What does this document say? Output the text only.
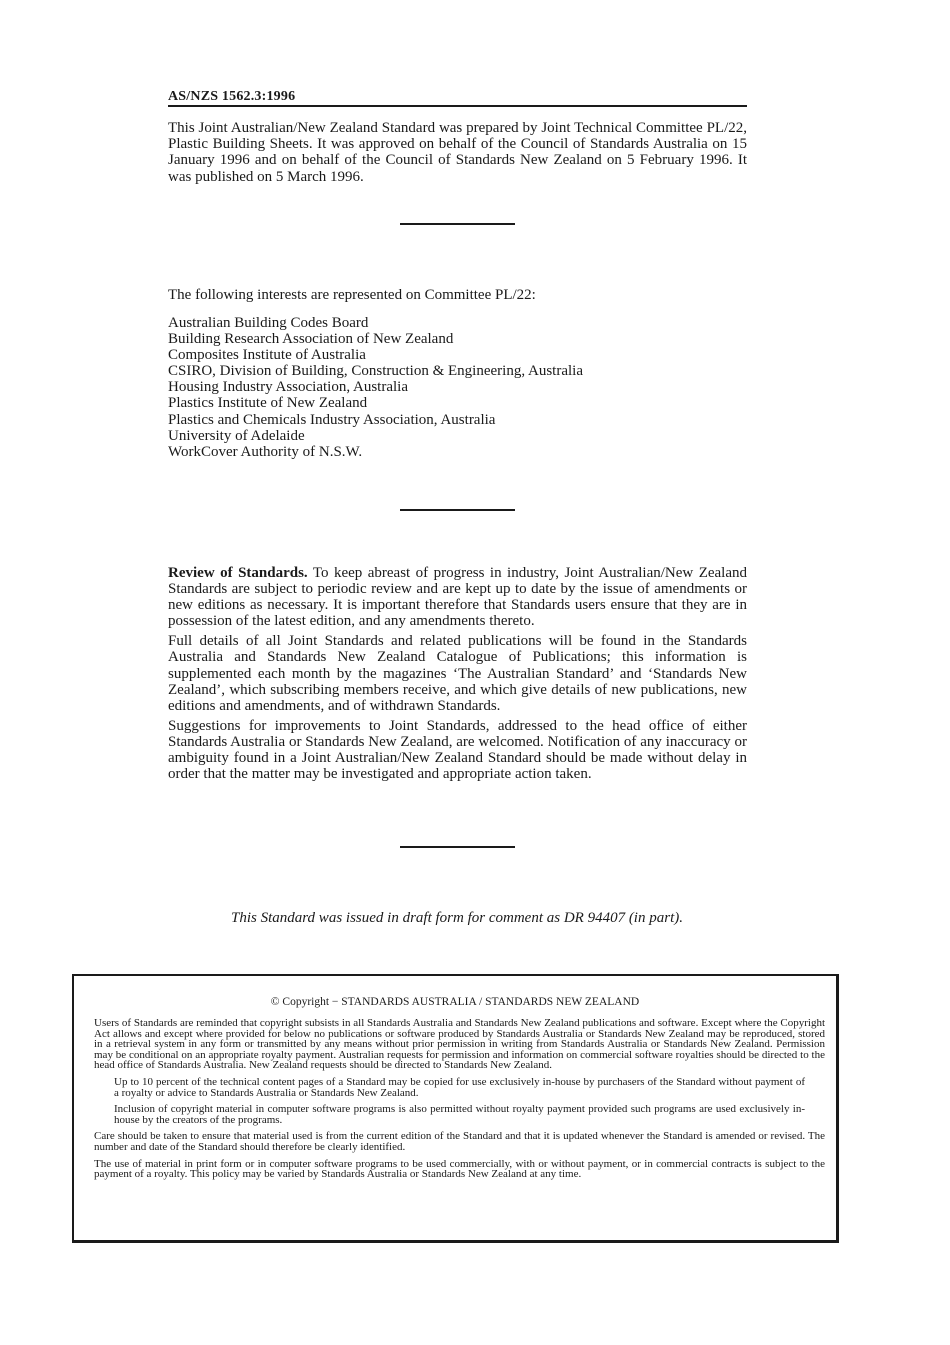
AS/NZS 1562.3:1996
This Joint Australian/New Zealand Standard was prepared by Joint Technical Committee PL/22, Plastic Building Sheets. It was approved on behalf of the Council of Standards Australia on 15 January 1996 and on behalf of the Council of Standards New Zealand on 5 February 1996. It was published on 5 March 1996.
The following interests are represented on Committee PL/22:
Australian Building Codes Board
Building Research Association of New Zealand
Composites Institute of Australia
CSIRO, Division of Building, Construction & Engineering, Australia
Housing Industry Association, Australia
Plastics Institute of New Zealand
Plastics and Chemicals Industry Association, Australia
University of Adelaide
WorkCover Authority of N.S.W.

Review of Standards. To keep abreast of progress in industry, Joint Australian/New Zealand Standards are subject to periodic review and are kept up to date by the issue of amendments or new editions as necessary. It is important therefore that Standards users ensure that they are in possession of the latest edition, and any amendments thereto.

Full details of all Joint Standards and related publications will be found in the Standards Australia and Standards New Zealand Catalogue of Publications; this information is supplemented each month by the magazines ‘The Australian Standard’ and ‘Standards New Zealand’, which subscribing members receive, and which give details of new publications, new editions and amendments, and of withdrawn Standards.

Suggestions for improvements to Joint Standards, addressed to the head office of either Standards Australia or Standards New Zealand, are welcomed. Notification of any inaccuracy or ambiguity found in a Joint Australian/New Zealand Standard should be made without delay in order that the matter may be investigated and appropriate action taken.

This Standard was issued in draft form for comment as DR 94407 (in part).
© Copyright − STANDARDS AUSTRALIA / STANDARDS NEW ZEALAND

Users of Standards are reminded that copyright subsists in all Standards Australia and Standards New Zealand publications and software. Except where the Copyright Act allows and except where provided for below no publications or software produced by Standards Australia or Standards New Zealand may be reproduced, stored in a retrieval system in any form or transmitted by any means without prior permission in writing from Standards Australia or Standards New Zealand. Permission may be conditional on an appropriate royalty payment. Australian requests for permission and information on commercial software royalties should be directed to the head office of Standards Australia. New Zealand requests should be directed to Standards New Zealand.

Up to 10 percent of the technical content pages of a Standard may be copied for use exclusively in-house by purchasers of the Standard without payment of a royalty or advice to Standards Australia or Standards New Zealand.

Inclusion of copyright material in computer software programs is also permitted without royalty payment provided such programs are used exclusively in-house by the creators of the programs.

Care should be taken to ensure that material used is from the current edition of the Standard and that it is updated whenever the Standard is amended or revised. The number and date of the Standard should therefore be clearly identified.

The use of material in print form or in computer software programs to be used commercially, with or without payment, or in commercial contracts is subject to the payment of a royalty. This policy may be varied by Standards Australia or Standards New Zealand at any time.
